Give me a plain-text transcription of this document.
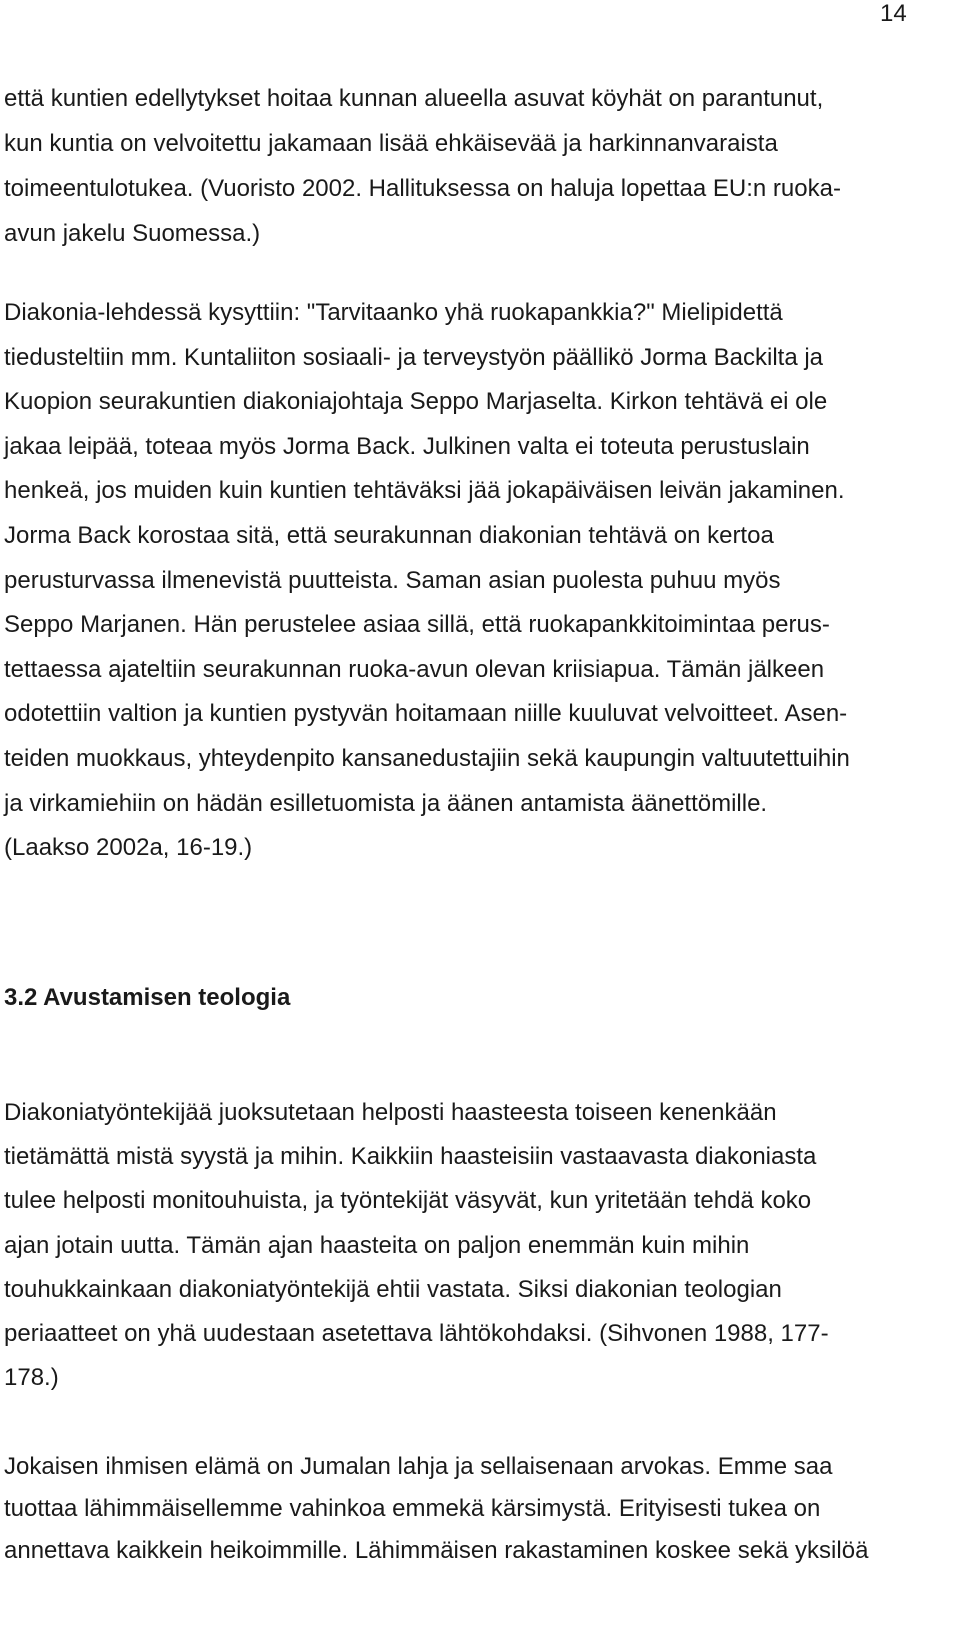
14

että kuntien edellytykset hoitaa kunnan alueella asuvat köyhät on parantunut,
kun kuntia on velvoitettu jakamaan lisää ehkäisevää ja harkinnanvaraista
toimeentulotukea. (Vuoristo 2002. Hallituksessa on haluja lopettaa EU:n ruoka-
avun jakelu Suomessa.)

Diakonia-lehdessä kysyttiin: "Tarvitaanko yhä ruokapankkia?" Mielipidettä
tiedusteltiin mm. Kuntaliiton sosiaali- ja terveystyön päällikö Jorma Backilta ja
Kuopion seurakuntien diakoniajohtaja Seppo Marjaselta. Kirkon tehtävä ei ole
jakaa leipää, toteaa myös Jorma Back. Julkinen valta ei toteuta perustuslain
henkeä, jos muiden kuin kuntien tehtäväksi jää jokapäiväisen leivän jakaminen.
Jorma Back korostaa sitä, että seurakunnan diakonian tehtävä on kertoa
perusturvassa ilmenevistä puutteista. Saman asian puolesta puhuu myös
Seppo Marjanen. Hän perustelee asiaa sillä, että ruokapankkitoimintaa perus-
tettaessa ajateltiin seurakunnan ruoka-avun olevan kriisiapua. Tämän jälkeen
odotettiin valtion ja kuntien pystyvän hoitamaan niille kuuluvat velvoitteet. Asen-
teiden muokkaus, yhteydenpito kansanedustajiin sekä kaupungin valtuutettuihin
ja virkamiehiin on hädän esilletuomista ja äänen antamista äänettömille.
(Laakso 2002a, 16-19.)

3.2 Avustamisen teologia

Diakoniatyöntekijää juoksutetaan helposti haasteesta toiseen kenenkään
tietämättä mistä syystä ja mihin. Kaikkiin haasteisiin vastaavasta diakoniasta
tulee helposti monitouhuista, ja työntekijät väsyvät, kun yritetään tehdä koko
ajan jotain uutta. Tämän ajan haasteita on paljon enemmän kuin mihin
touhukkainkaan diakoniatyöntekijä ehtii vastata. Siksi diakonian teologian
periaatteet on yhä uudestaan asetettava lähtökohdaksi. (Sihvonen 1988, 177-
178.)

Jokaisen ihmisen elämä on Jumalan lahja ja sellaisenaan arvokas. Emme saa
tuottaa lähimmäisellemme vahinkoa emmekä kärsimystä. Erityisesti tukea on
annettava kaikkein heikoimmille. Lähimmäisen rakastaminen koskee sekä yksilöä
